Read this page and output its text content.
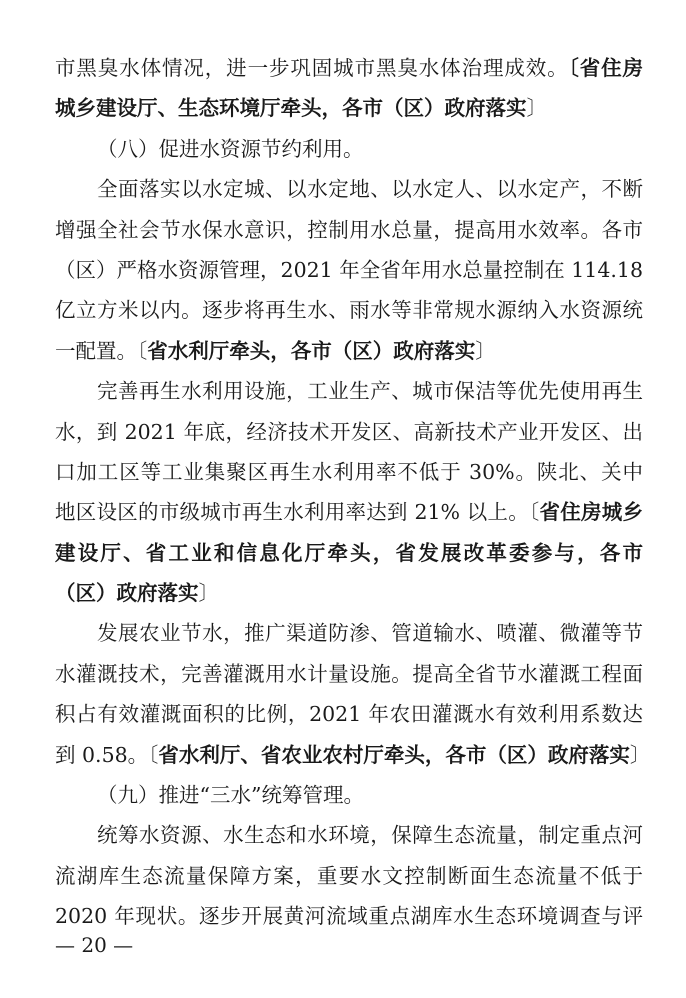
市黑臭水体情况，进一步巩固城市黑臭水体治理成效。〔省住房
城乡建设厅、生态环境厅牵头，各市（区）政府落实〕
（八）促进水资源节约利用。
全面落实以水定城、以水定地、以水定人、以水定产，不断
增强全社会节水保水意识，控制用水总量，提高用水效率。各市
（区）严格水资源管理，2021 年全省年用水总量控制在 114.18
亿立方米以内。逐步将再生水、雨水等非常规水源纳入水资源统
一配置。〔省水利厅牵头，各市（区）政府落实〕
完善再生水利用设施，工业生产、城市保洁等优先使用再生
水，到 2021 年底，经济技术开发区、高新技术产业开发区、出
口加工区等工业集聚区再生水利用率不低于 30%。陕北、关中
地区设区的市级城市再生水利用率达到 21% 以上。〔省住房城乡
建设厅、省工业和信息化厅牵头，省发展改革委参与，各市
（区）政府落实〕
发展农业节水，推广渠道防渗、管道输水、喷灌、微灌等节
水灌溉技术，完善灌溉用水计量设施。提高全省节水灌溉工程面
积占有效灌溉面积的比例，2021 年农田灌溉水有效利用系数达
到 0.58。〔省水利厅、省农业农村厅牵头，各市（区）政府落实〕
（九）推进“三水”统筹管理。
统筹水资源、水生态和水环境，保障生态流量，制定重点河
流湖库生态流量保障方案，重要水文控制断面生态流量不低于
2020 年现状。逐步开展黄河流域重点湖库水生态环境调查与评
— 20 —
